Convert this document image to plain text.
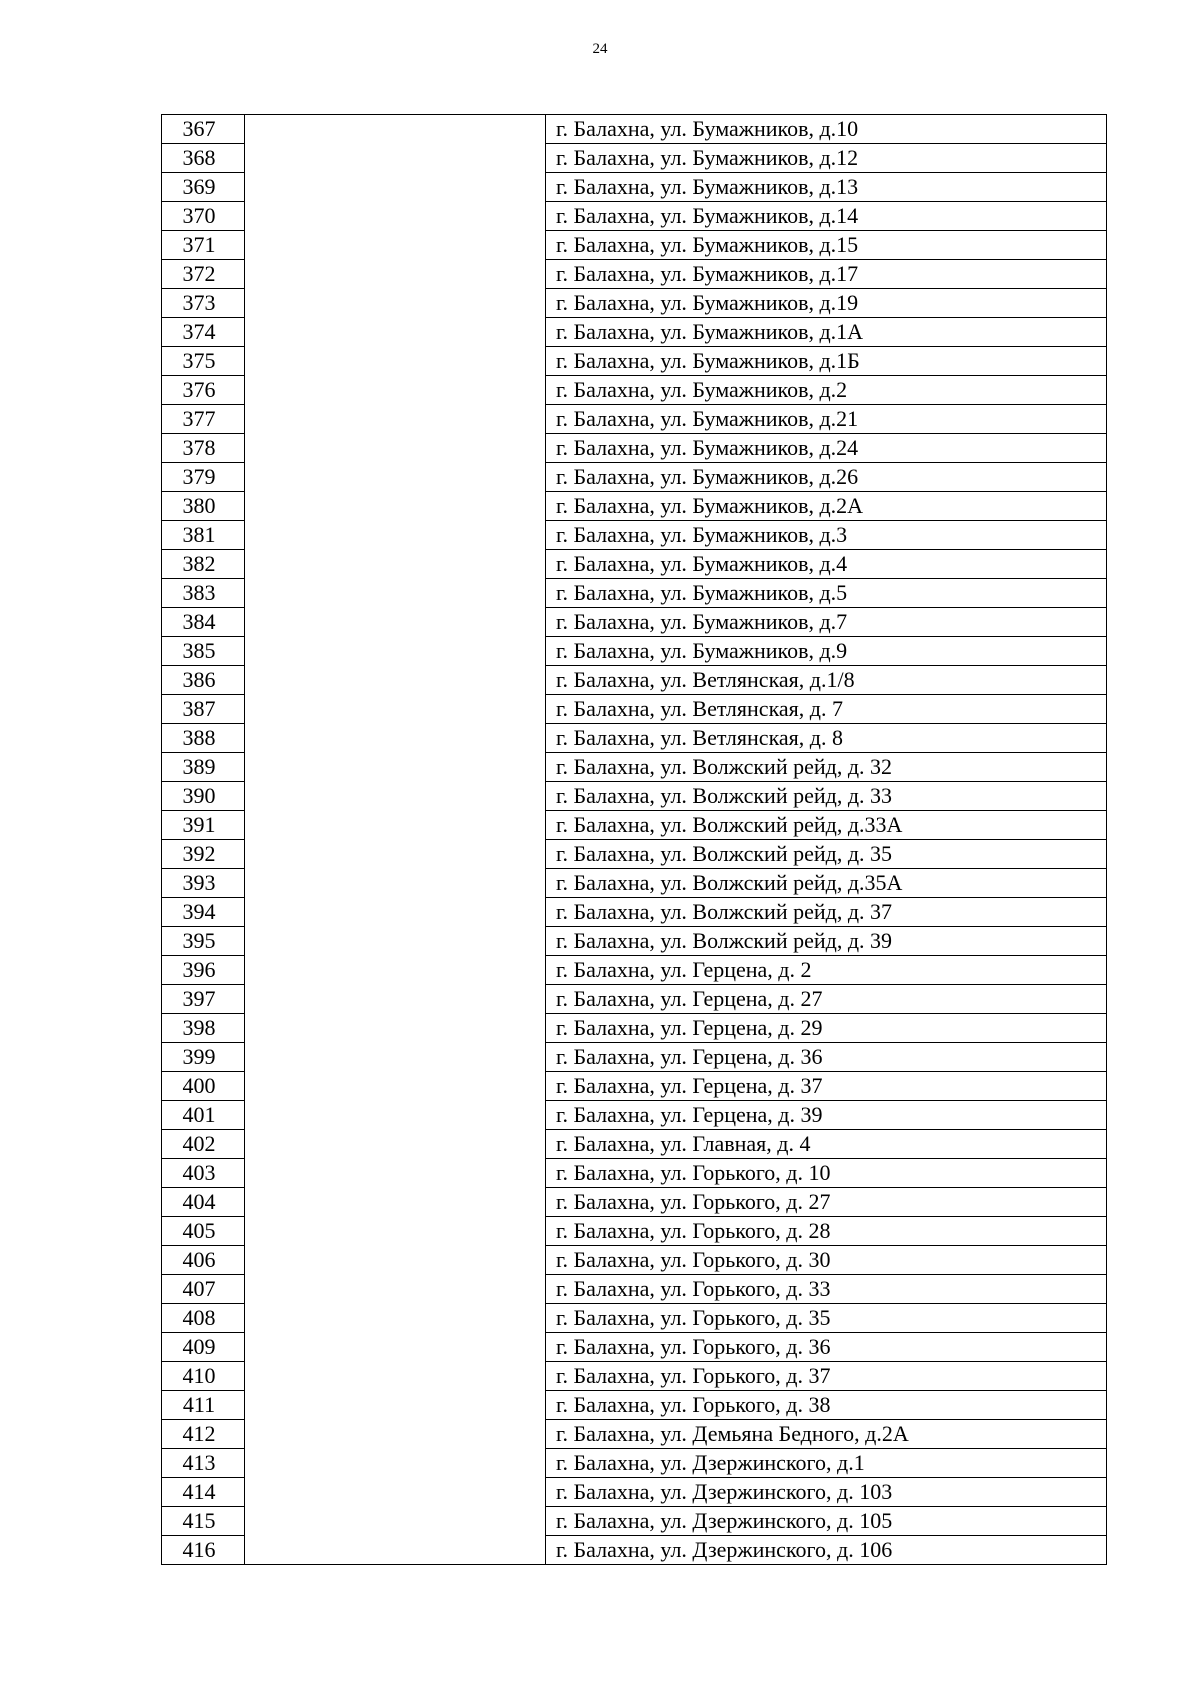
24
367		г. Балахна, ул. Бумажников, д.10
368		г. Балахна, ул. Бумажников, д.12
369		г. Балахна, ул. Бумажников, д.13
370		г. Балахна, ул. Бумажников, д.14
371		г. Балахна, ул. Бумажников, д.15
372		г. Балахна, ул. Бумажников, д.17
373		г. Балахна, ул. Бумажников, д.19
374		г. Балахна, ул. Бумажников, д.1А
375		г. Балахна, ул. Бумажников, д.1Б
376		г. Балахна, ул. Бумажников, д.2
377		г. Балахна, ул. Бумажников, д.21
378		г. Балахна, ул. Бумажников, д.24
379		г. Балахна, ул. Бумажников, д.26
380		г. Балахна, ул. Бумажников, д.2А
381		г. Балахна, ул. Бумажников, д.3
382		г. Балахна, ул. Бумажников, д.4
383		г. Балахна, ул. Бумажников, д.5
384		г. Балахна, ул. Бумажников, д.7
385		г. Балахна, ул. Бумажников, д.9
386		г. Балахна, ул. Ветлянская, д.1/8
387		г. Балахна, ул. Ветлянская, д. 7
388		г. Балахна, ул. Ветлянская, д. 8
389		г. Балахна, ул. Волжский рейд, д. 32
390		г. Балахна, ул. Волжский рейд, д. 33
391		г. Балахна, ул. Волжский рейд, д.33А
392		г. Балахна, ул. Волжский рейд, д. 35
393		г. Балахна, ул. Волжский рейд, д.35А
394		г. Балахна, ул. Волжский рейд, д. 37
395		г. Балахна, ул. Волжский рейд, д. 39
396		г. Балахна, ул. Герцена, д. 2
397		г. Балахна, ул. Герцена, д. 27
398		г. Балахна, ул. Герцена, д. 29
399		г. Балахна, ул. Герцена, д. 36
400		г. Балахна, ул. Герцена, д. 37
401		г. Балахна, ул. Герцена, д. 39
402		г. Балахна, ул. Главная, д. 4
403		г. Балахна, ул. Горького, д. 10
404		г. Балахна, ул. Горького, д. 27
405		г. Балахна, ул. Горького, д. 28
406		г. Балахна, ул. Горького, д. 30
407		г. Балахна, ул. Горького, д. 33
408		г. Балахна, ул. Горького, д. 35
409		г. Балахна, ул. Горького, д. 36
410		г. Балахна, ул. Горького, д. 37
411		г. Балахна, ул. Горького, д. 38
412		г. Балахна, ул. Демьяна Бедного, д.2А
413		г. Балахна, ул. Дзержинского, д.1
414		г. Балахна, ул. Дзержинского, д. 103
415		г. Балахна, ул. Дзержинского, д. 105
416		г. Балахна, ул. Дзержинского, д. 106
